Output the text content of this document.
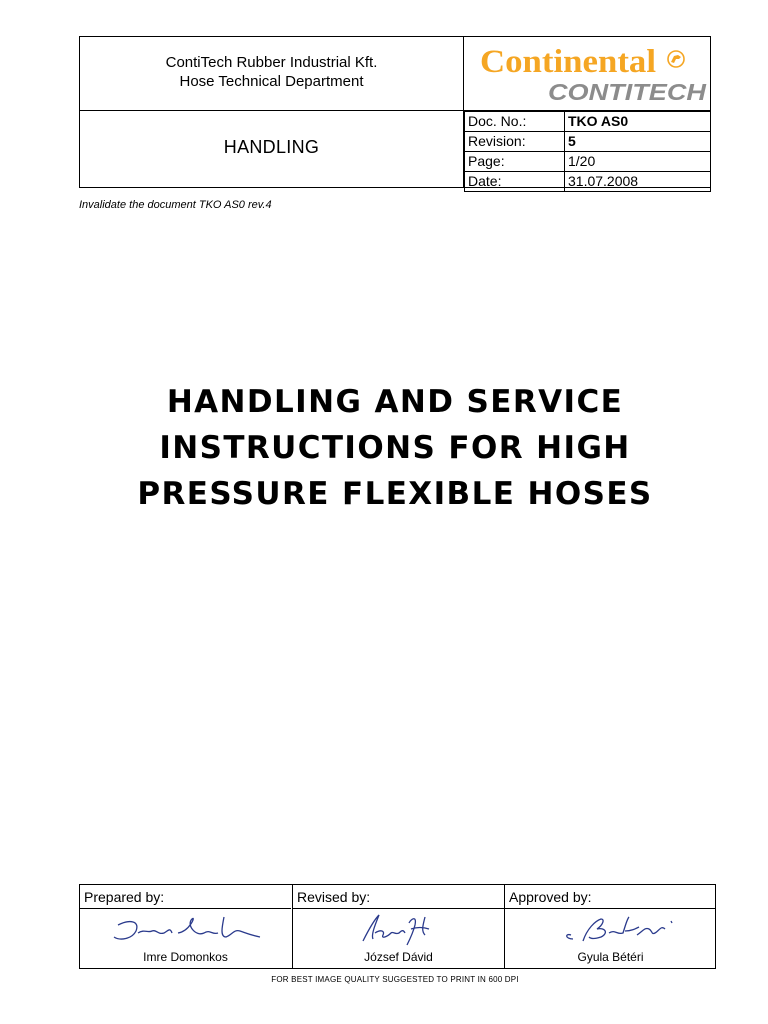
ContiTech Rubber Industrial Kft.
Hose Technical Department
HANDLING
Continental
CONTITECH
Doc. No.:	TKO AS0
Revision:	5
Page:	1/20
Date:	31.07.2008
Invalidate the document TKO AS0 rev.4
HANDLING AND SERVICE
INSTRUCTIONS FOR HIGH
PRESSURE FLEXIBLE HOSES
Prepared by:
Imre Domonkos
Revised by:
József Dávid
Approved by:
Gyula Bétéri
FOR BEST IMAGE QUALITY SUGGESTED TO PRINT IN 600 DPI
